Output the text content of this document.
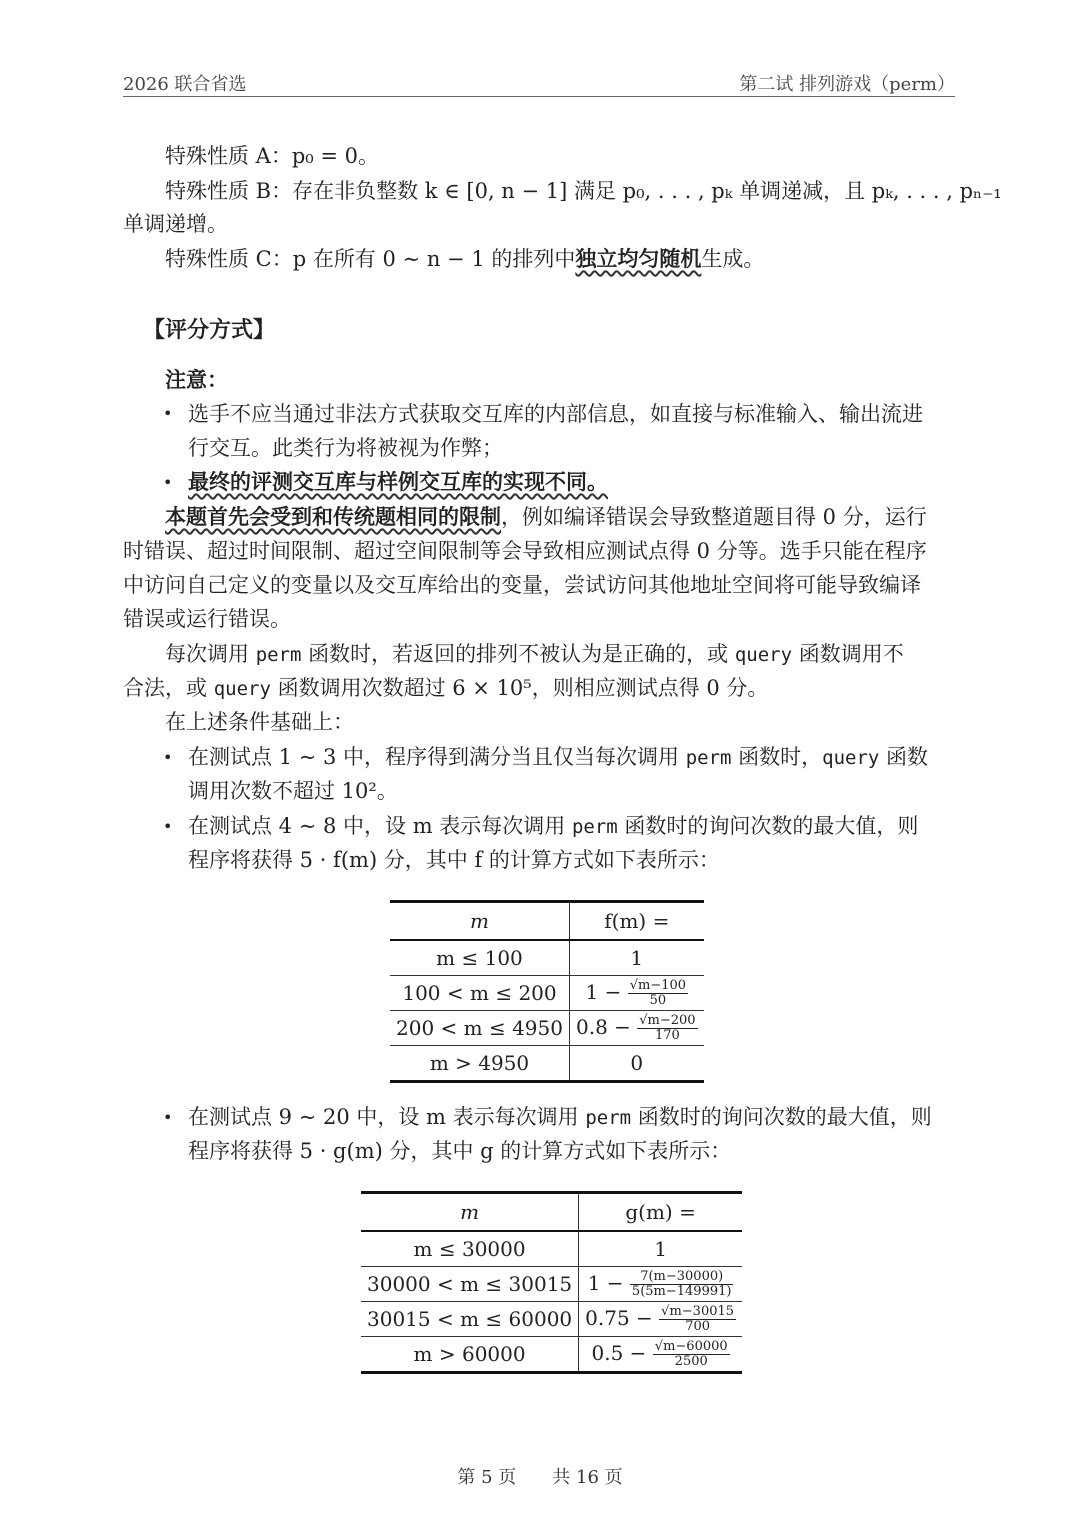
2026 联合省选	第二试 排列游戏（perm）
特殊性质 A：p₀ = 0。
特殊性质 B：存在非负整数 k ∈ [0, n − 1] 满足 p₀, . . . , pₖ 单调递减，且 pₖ, . . . , pₙ₋₁
单调递增。
特殊性质 C：p 在所有 0 ∼ n − 1 的排列中独立均匀随机生成。
【评分方式】
注意：
• 选手不应当通过非法方式获取交互库的内部信息，如直接与标准输入、输出流进
行交互。此类行为将被视为作弊；
• 最终的评测交互库与样例交互库的实现不同。
本题首先会受到和传统题相同的限制，例如编译错误会导致整道题目得 0 分，运行
时错误、超过时间限制、超过空间限制等会导致相应测试点得 0 分等。选手只能在程序
中访问自己定义的变量以及交互库给出的变量，尝试访问其他地址空间将可能导致编译
错误或运行错误。
每次调用 perm 函数时，若返回的排列不被认为是正确的，或 query 函数调用不
合法，或 query 函数调用次数超过 6 × 10⁵，则相应测试点得 0 分。
在上述条件基础上：
• 在测试点 1 ∼ 3 中，程序得到满分当且仅当每次调用 perm 函数时，query 函数
调用次数不超过 10²。
• 在测试点 4 ∼ 8 中，设 m 表示每次调用 perm 函数时的询问次数的最大值，则
程序将获得 5 · f(m) 分，其中 f 的计算方式如下表所示：
m	f(m) =
m ≤ 100	1
100 < m ≤ 200	$1 - \frac{√m-100}{50}$

200 < m ≤ 4950	$0.8 - \frac{√m-200}{170}$

m > 4950	0
• 在测试点 9 ∼ 20 中，设 m 表示每次调用 perm 函数时的询问次数的最大值，则
程序将获得 5 · g(m) 分，其中 g 的计算方式如下表所示：
m	g(m) =
m ≤ 30000	1
30000 < m ≤ 30015	$1 - \frac{7(m-30000)}{5(5m-149991)}$

30015 < m ≤ 60000	$0.75 - \frac{√m-30015}{700}$

m > 60000	$0.5 - \frac{√m-60000}{2500}$
第 5 页 共 16 页
